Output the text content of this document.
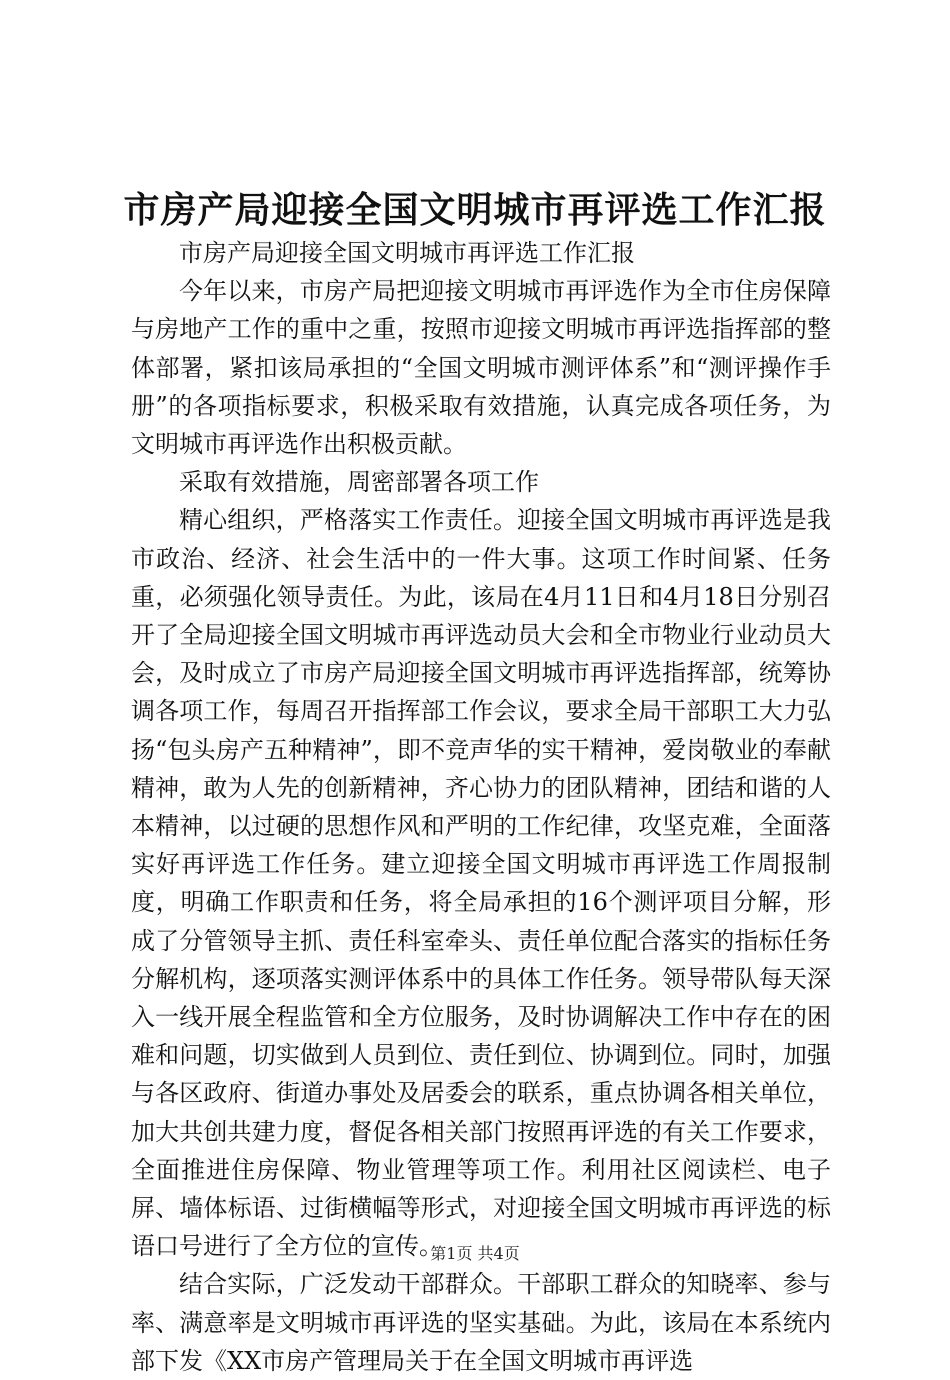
市房产局迎接全国文明城市再评选工作汇报

市房产局迎接全国文明城市再评选工作汇报

今年以来，市房产局把迎接文明城市再评选作为全市住房保障与房地产工作的重中之重，按照市迎接文明城市再评选指挥部的整体部署，紧扣该局承担的“全国文明城市测评体系”和“测评操作手册”的各项指标要求，积极采取有效措施，认真完成各项任务，为文明城市再评选作出积极贡献。

采取有效措施，周密部署各项工作

精心组织，严格落实工作责任。迎接全国文明城市再评选是我市政治、经济、社会生活中的一件大事。这项工作时间紧、任务重，必须强化领导责任。为此，该局在4月11日和4月18日分别召开了全局迎接全国文明城市再评选动员大会和全市物业行业动员大会，及时成立了市房产局迎接全国文明城市再评选指挥部，统筹协调各项工作，每周召开指挥部工作会议，要求全局干部职工大力弘扬“包头房产五种精神”，即不竞声华的实干精神，爱岗敬业的奉献精神，敢为人先的创新精神，齐心协力的团队精神，团结和谐的人本精神，以过硬的思想作风和严明的工作纪律，攻坚克难，全面落实好再评选工作任务。建立迎接全国文明城市再评选工作周报制度，明确工作职责和任务，将全局承担的16个测评项目分解，形成了分管领导主抓、责任科室牵头、责任单位配合落实的指标任务分解机构，逐项落实测评体系中的具体工作任务。领导带队每天深入一线开展全程监管和全方位服务，及时协调解决工作中存在的困难和问题，切实做到人员到位、责任到位、协调到位。同时，加强与各区政府、街道办事处及居委会的联系，重点协调各相关单位，加大共创共建力度，督促各相关部门按照再评选的有关工作要求，全面推进住房保障、物业管理等项工作。利用社区阅读栏、电子屏、墙体标语、过街横幅等形式，对迎接全国文明城市再评选的标语口号进行了全方位的宣传。

结合实际，广泛发动干部群众。干部职工群众的知晓率、参与率、满意率是文明城市再评选的坚实基础。为此，该局在本系统内部下发《XX市房产管理局关于在全国文明城市再评选

第1页 共4页
